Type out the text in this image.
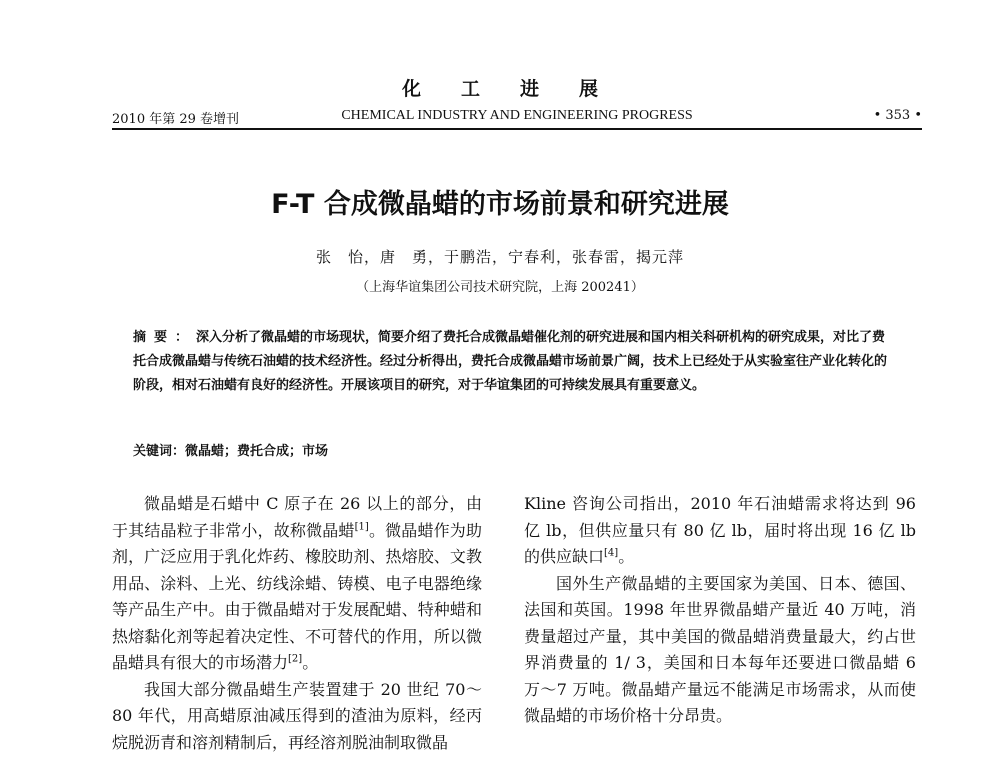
化工进展
2010 年第 29 卷增刊	CHEMICAL INDUSTRY AND ENGINEERING PROGRESS	• 353 •
F-T 合成微晶蜡的市场前景和研究进展
张　怡，唐　勇，于鹏浩，宁春利，张春雷，揭元萍
（上海华谊集团公司技术研究院，上海 200241）
摘要：深入分析了微晶蜡的市场现状，简要介绍了费托合成微晶蜡催化剂的研究进展和国内相关科研机构的研究成果，对比了费托合成微晶蜡与传统石油蜡的技术经济性。经过分析得出，费托合成微晶蜡市场前景广阔，技术上已经处于从实验室往产业化转化的阶段，相对石油蜡有良好的经济性。开展该项目的研究，对于华谊集团的可持续发展具有重要意义。
关键词：微晶蜡；费托合成；市场

微晶蜡是石蜡中 C 原子在 26 以上的部分，由于其结晶粒子非常小，故称微晶蜡[1]。微晶蜡作为助剂，广泛应用于乳化炸药、橡胶助剂、热熔胶、文教用品、涂料、上光、纺线涂蜡、铸模、电子电器绝缘等产品生产中。由于微晶蜡对于发展配蜡、特种蜡和热熔黏化剂等起着决定性、不可替代的作用，所以微晶蜡具有很大的市场潜力[2]。

我国大部分微晶蜡生产装置建于 20 世纪 70～80 年代，用高蜡原油减压得到的渣油为原料，经丙烷脱沥青和溶剂精制后，再经溶剂脱油制取微晶

Kline 咨询公司指出，2010 年石油蜡需求将达到 96 亿 lb，但供应量只有 80 亿 lb，届时将出现 16 亿 lb 的供应缺口[4]。

国外生产微晶蜡的主要国家为美国、日本、德国、法国和英国。1998 年世界微晶蜡产量近 40 万吨，消费量超过产量，其中美国的微晶蜡消费量最大，约占世界消费量的 1/ 3，美国和日本每年还要进口微晶蜡 6 万～7 万吨。微晶蜡产量远不能满足市场需求，从而使微晶蜡的市场价格十分昂贵。
